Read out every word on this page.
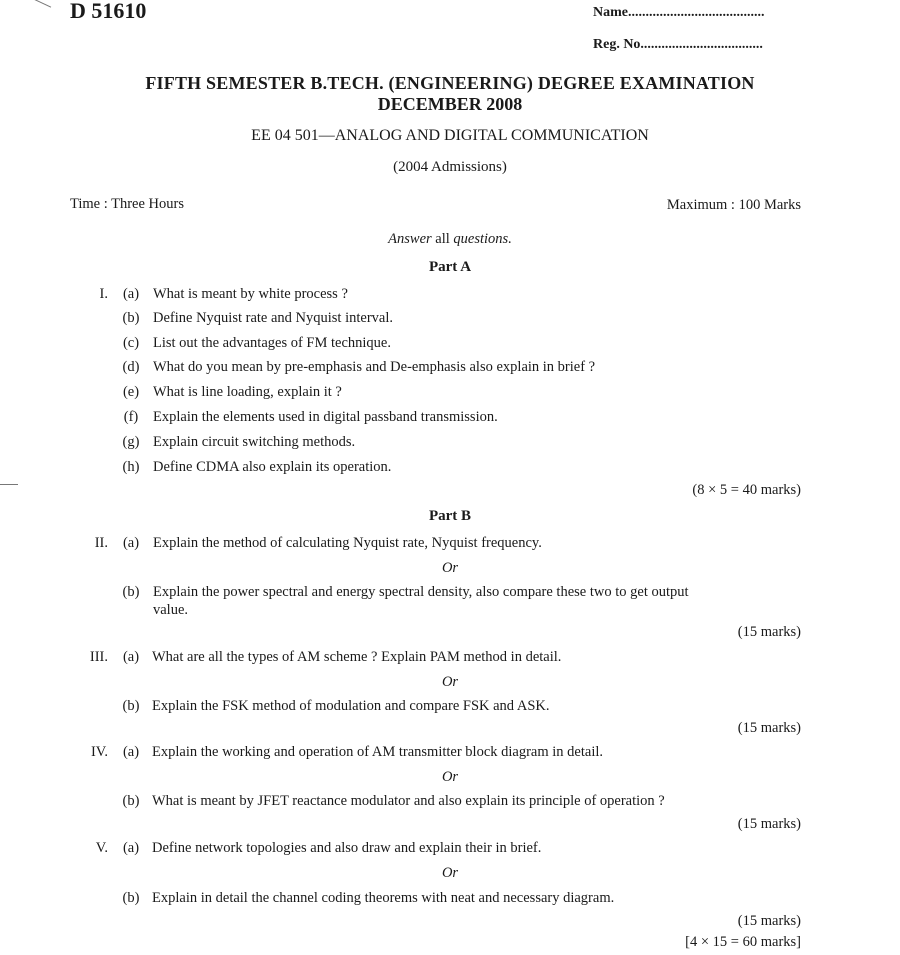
D 51610	Name.......................................
Reg. No...................................
FIFTH SEMESTER B.TECH. (ENGINEERING) DEGREE EXAMINATION
DECEMBER 2008
EE 04 501—ANALOG AND DIGITAL COMMUNICATION
(2004 Admissions)
Time : Three Hours	Maximum : 100 Marks
Answer all questions.
Part A
I.	(a) What is meant by white process ?
(b) Define Nyquist rate and Nyquist interval.
(c) List out the advantages of FM technique.
(d) What do you mean by pre-emphasis and De-emphasis also explain in brief ?
(e) What is line loading, explain it ?
(f)	Explain the elements used in digital passband transmission.
(g) Explain circuit switching methods.
(h) Define CDMA also explain its operation.
(8 × 5 = 40 marks)
Part B
II.	(a) Explain the method of calculating Nyquist rate, Nyquist frequency.
Or
(b) Explain the power spectral and energy spectral density, also compare these two to get output
value.
(15 marks)
III.	(a) What are all the types of AM scheme ? Explain PAM method in detail.
Or
(b) Explain the FSK method of modulation and compare FSK and ASK.
(15 marks)
IV.	(a) Explain the working and operation of AM transmitter block diagram in detail.
Or
(b) What is meant by JFET reactance modulator and also explain its principle of operation ?
(15 marks)
V.	(a) Define network topologies and also draw and explain their in brief.
Or
(b) Explain in detail the channel coding theorems with neat and necessary diagram.
(15 marks)
[4 × 15 = 60 marks]
